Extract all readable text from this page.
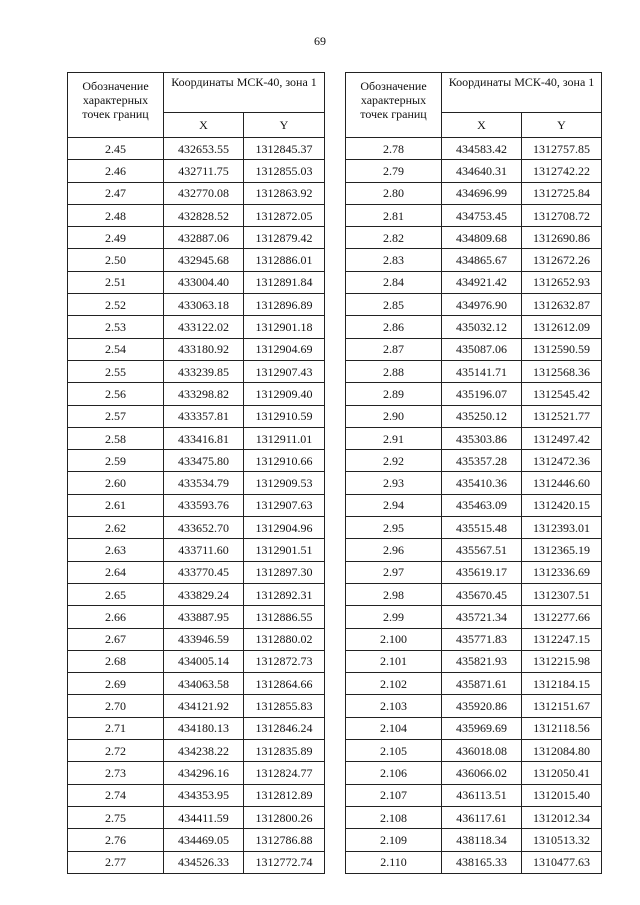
69
Обозначение характерных точек границ	Координаты МСК-40, зона 1	
	X	Y
2.45	432653.55	1312845.37
2.46	432711.75	1312855.03
2.47	432770.08	1312863.92
2.48	432828.52	1312872.05
2.49	432887.06	1312879.42
2.50	432945.68	1312886.01
2.51	433004.40	1312891.84
2.52	433063.18	1312896.89
2.53	433122.02	1312901.18
2.54	433180.92	1312904.69
2.55	433239.85	1312907.43
2.56	433298.82	1312909.40
2.57	433357.81	1312910.59
2.58	433416.81	1312911.01
2.59	433475.80	1312910.66
2.60	433534.79	1312909.53
2.61	433593.76	1312907.63
2.62	433652.70	1312904.96
2.63	433711.60	1312901.51
2.64	433770.45	1312897.30
2.65	433829.24	1312892.31
2.66	433887.95	1312886.55
2.67	433946.59	1312880.02
2.68	434005.14	1312872.73
2.69	434063.58	1312864.66
2.70	434121.92	1312855.83
2.71	434180.13	1312846.24
2.72	434238.22	1312835.89
2.73	434296.16	1312824.77
2.74	434353.95	1312812.89
2.75	434411.59	1312800.26
2.76	434469.05	1312786.88
2.77	434526.33	1312772.74
Обозначение характерных точек границ	Координаты МСК-40, зона 1	
	X	Y
2.78	434583.42	1312757.85
2.79	434640.31	1312742.22
2.80	434696.99	1312725.84
2.81	434753.45	1312708.72
2.82	434809.68	1312690.86
2.83	434865.67	1312672.26
2.84	434921.42	1312652.93
2.85	434976.90	1312632.87
2.86	435032.12	1312612.09
2.87	435087.06	1312590.59
2.88	435141.71	1312568.36
2.89	435196.07	1312545.42
2.90	435250.12	1312521.77
2.91	435303.86	1312497.42
2.92	435357.28	1312472.36
2.93	435410.36	1312446.60
2.94	435463.09	1312420.15
2.95	435515.48	1312393.01
2.96	435567.51	1312365.19
2.97	435619.17	1312336.69
2.98	435670.45	1312307.51
2.99	435721.34	1312277.66
2.100	435771.83	1312247.15
2.101	435821.93	1312215.98
2.102	435871.61	1312184.15
2.103	435920.86	1312151.67
2.104	435969.69	1312118.56
2.105	436018.08	1312084.80
2.106	436066.02	1312050.41
2.107	436113.51	1312015.40
2.108	436117.61	1312012.34
2.109	438118.34	1310513.32
2.110	438165.33	1310477.63
